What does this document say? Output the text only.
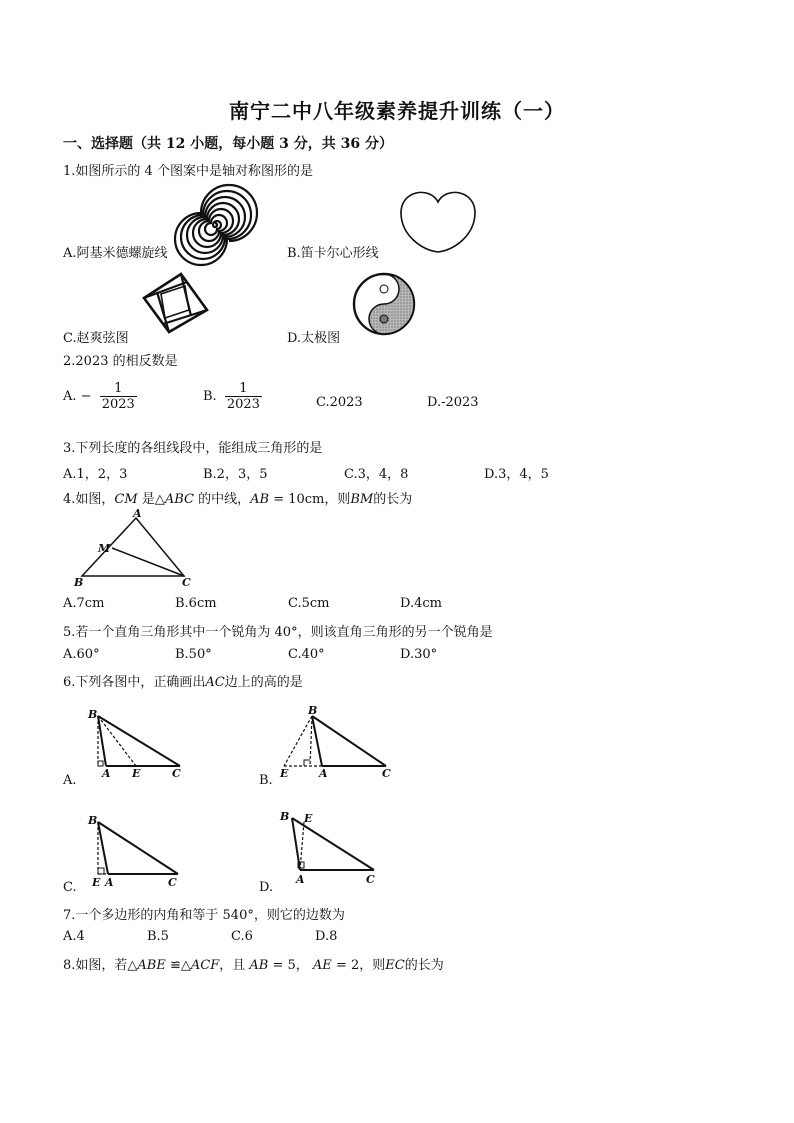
南宁二中八年级素养提升训练（一）
一、选择题（共 12 小题，每小题 3 分，共 36 分）
1.如图所示的 4 个图案中是轴对称图形的是
A.阿基米德螺旋线	B.笛卡尔心形线
C.赵爽弦图	D.太极图
2.2023 的相反数是
A. − $\frac{1}{2023}$	B. $\frac{1}{2023}$	C.2023	D.-2023
3.下列长度的各组线段中，能组成三角形的是
A.1，2，3	B.2，3，5	C.3，4，8	D.3，4，5
4.如图，CM 是△ABC 的中线，AB = 10cm，则BM的长为
A
M
B	C
A.7cm	B.6cm	C.5cm	D.4cm
5.若一个直角三角形其中一个锐角为 40°，则该直角三角形的另一个锐角是
A.60°	B.50°	C.40°	D.30°
6.下列各图中，正确画出AC边上的高的是
B
A E	C
A.
B
E	A	C
B.
B
E A	C
C.
B E
A	C
D.
7.一个多边形的内角和等于 540°，则它的边数为
A.4	B.5	C.6	D.8
8.如图，若△ABE ≌△ACF，且 AB = 5， AE = 2，则EC的长为
